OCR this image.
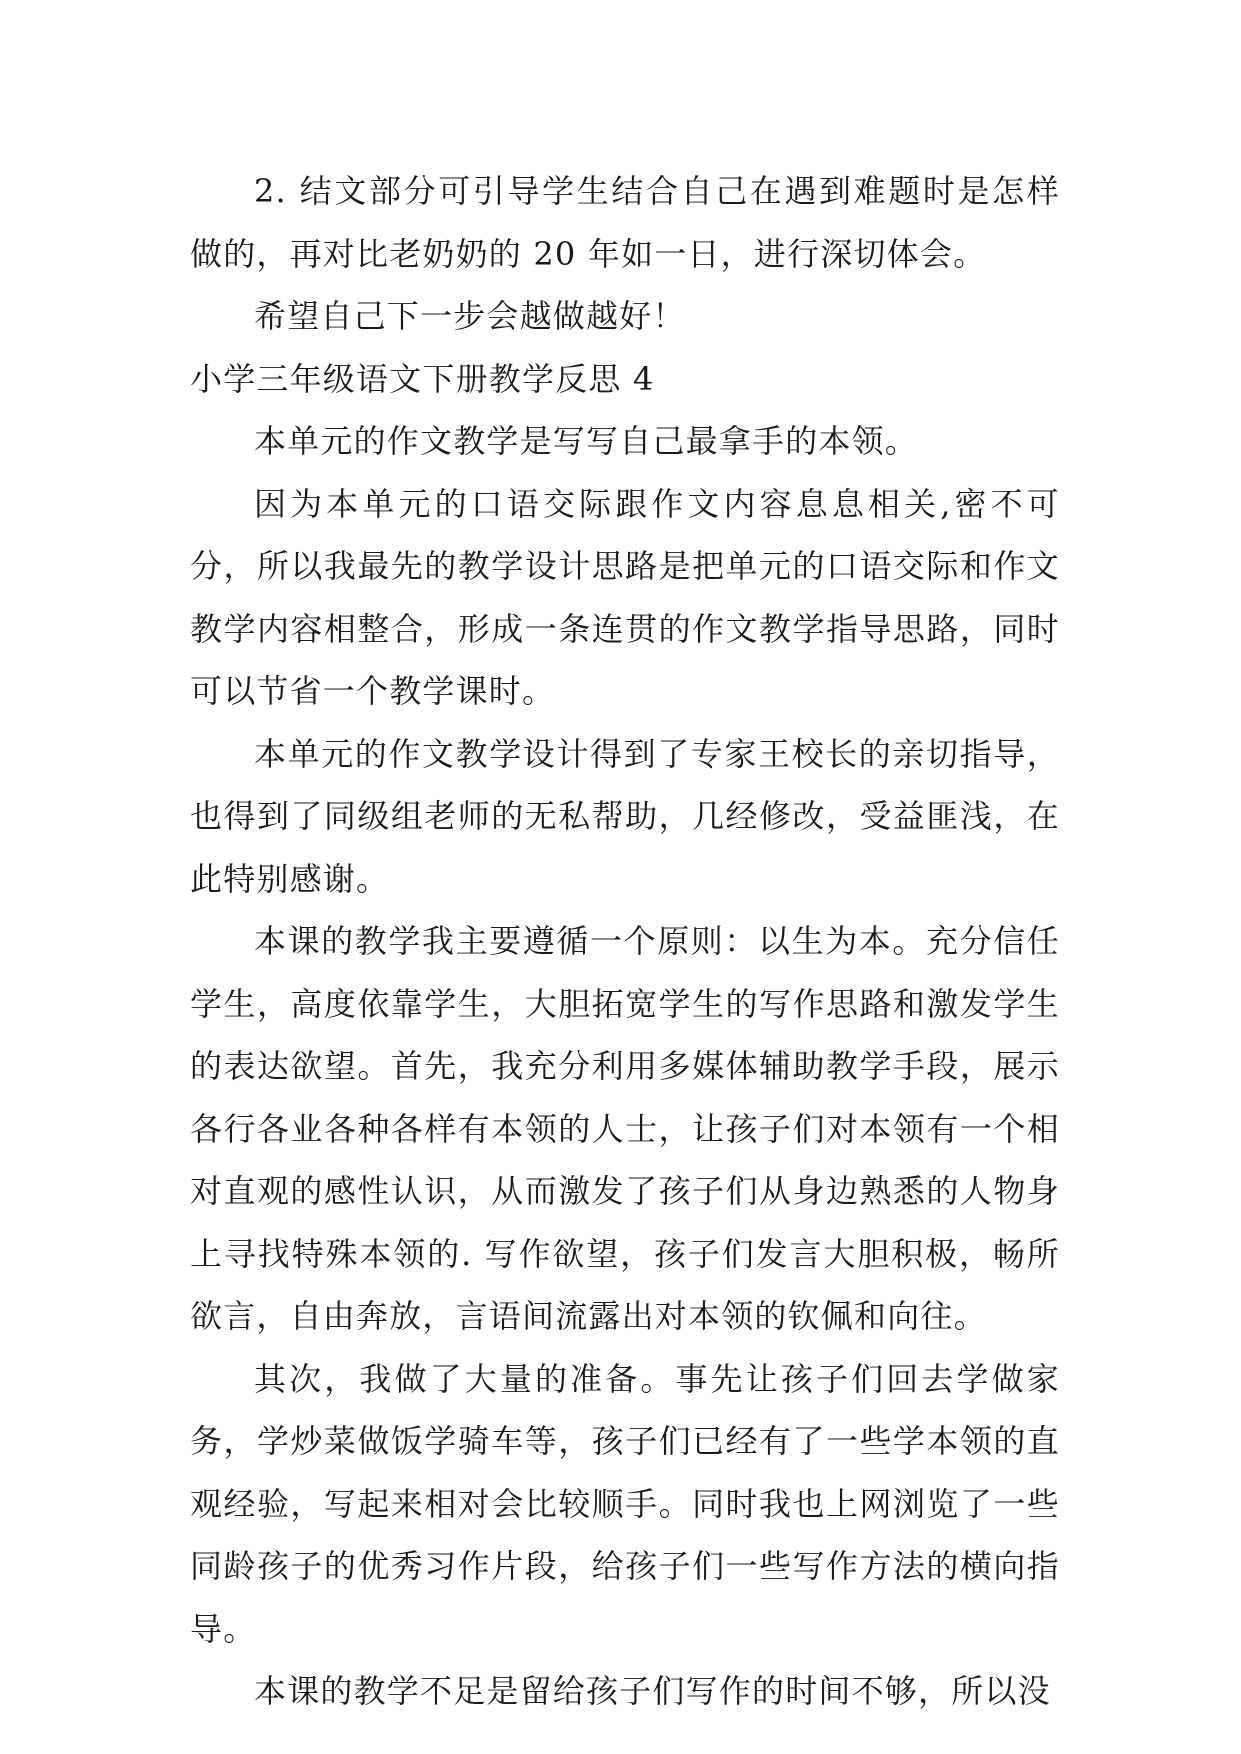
2. 结文部分可引导学生结合自己在遇到难题时是怎样做的，再对比老奶奶的 20 年如一日，进行深切体会。

希望自己下一步会越做越好！

小学三年级语文下册教学反思 4

本单元的作文教学是写写自己最拿手的本领。

因为本单元的口语交际跟作文内容息息相关,密不可分，所以我最先的教学设计思路是把单元的口语交际和作文教学内容相整合，形成一条连贯的作文教学指导思路，同时可以节省一个教学课时。

本单元的作文教学设计得到了专家王校长的亲切指导，也得到了同级组老师的无私帮助，几经修改，受益匪浅，在此特别感谢。

本课的教学我主要遵循一个原则：以生为本。充分信任学生，高度依靠学生，大胆拓宽学生的写作思路和激发学生的表达欲望。首先，我充分利用多媒体辅助教学手段，展示各行各业各种各样有本领的人士，让孩子们对本领有一个相对直观的感性认识，从而激发了孩子们从身边熟悉的人物身上寻找特殊本领的. 写作欲望，孩子们发言大胆积极，畅所欲言，自由奔放，言语间流露出对本领的钦佩和向往。

其次，我做了大量的准备。事先让孩子们回去学做家务，学炒菜做饭学骑车等，孩子们已经有了一些学本领的直观经验，写起来相对会比较顺手。同时我也上网浏览了一些同龄孩子的优秀习作片段，给孩子们一些写作方法的横向指导。

本课的教学不足是留给孩子们写作的时间不够，所以没
